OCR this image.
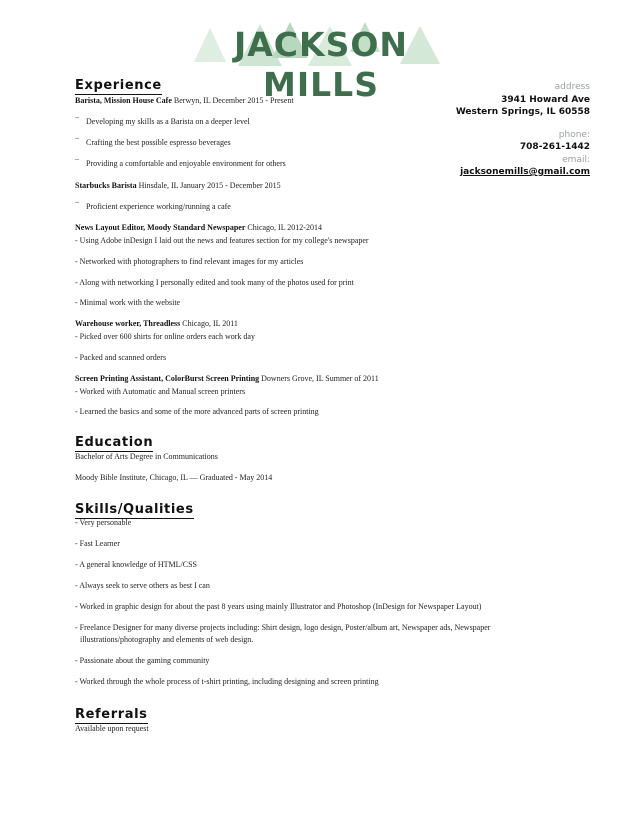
JACKSON MILLS	address
3941 Howard Ave
Western Springs, IL 60558
phone:
708-261-1442
email:
jacksonemills@gmail.com
Experience
Barista, Mission House Cafe Berwyn, IL December 2015 - Present
¯ Developing my skills as a Barista on a deeper level
¯ Crafting the best possible espresso beverages
¯ Providing a comfortable and enjoyable environment for others
Starbucks Barista Hinsdale, IL January 2015 - December 2015
¯ Proficient experience working/running a cafe
News Layout Editor, Moody Standard Newspaper Chicago, IL 2012-2014
- Using Adobe inDesign I laid out the news and features section for my college's newspaper
- Networked with photographers to find relevant images for my articles
- Along with networking I personally edited and took many of the photos used for print
- Minimal work with the website
Warehouse worker, Threadless Chicago, IL 2011
- Picked over 600 shirts for online orders each work day
- Packed and scanned orders
Screen Printing Assistant, ColorBurst Screen Printing Downers Grove, IL Summer of 2011
- Worked with Automatic and Manual screen printers
- Learned the basics and some of the more advanced parts of screen printing
Education
Bachelor of Arts Degree in Communications
Moody Bible Institute, Chicago, IL — Graduated - May 2014
Skills/Qualities
- Very personable
- Fast Learner
- A general knowledge of HTML/CSS
- Always seek to serve others as best I can
- Worked in graphic design for about the past 8 years using mainly Illustrator and Photoshop (InDesign for Newspaper Layout)
- Freelance Designer for many diverse projects including: Shirt design, logo design, Poster/album art, Newspaper ads, Newspaper
illustrations/photography and elements of web design.
- Passionate about the gaming community
- Worked through the whole process of t-shirt printing, including designing and screen printing
Referrals
Available upon request
